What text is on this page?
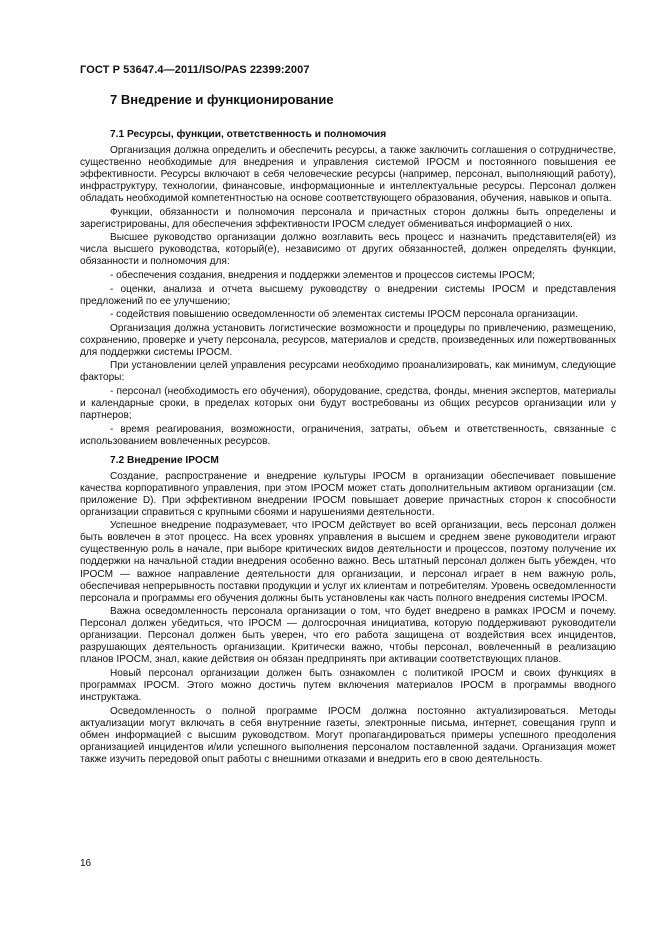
ГОСТ Р 53647.4—2011/ISO/PAS 22399:2007
7 Внедрение и функционирование
7.1 Ресурсы, функции, ответственность и полномочия

Организация должна определить и обеспечить ресурсы, а также заключить соглашения о сотрудничестве, существенно необходимые для внедрения и управления системой IPOCM и постоянного повышения ее эффективности. Ресурсы включают в себя человеческие ресурсы (например, персонал, выполняющий работу), инфраструктуру, технологии, финансовые, информационные и интеллектуальные ресурсы. Персонал должен обладать необходимой компетентностью на основе соответствующего образования, обучения, навыков и опыта.

Функции, обязанности и полномочия персонала и причастных сторон должны быть определены и зарегистрированы, для обеспечения эффективности IPOCM следует обмениваться информацией о них.

Высшее руководство организации должно возглавить весь процесс и назначить представителя(ей) из числа высшего руководства, который(е), независимо от других обязанностей, должен определять функции, обязанности и полномочия для:

- обеспечения создания, внедрения и поддержки элементов и процессов системы IPOCM;

- оценки, анализа и отчета высшему руководству о внедрении системы IPOCM и представления предложений по ее улучшению;

- содействия повышению осведомленности об элементах системы IPOCM персонала организации.

Организация должна установить логистические возможности и процедуры по привлечению, размещению, сохранению, проверке и учету персонала, ресурсов, материалов и средств, произведенных или пожертвованных для поддержки системы IPOCM.

При установлении целей управления ресурсами необходимо проанализировать, как минимум, следующие факторы:

- персонал (необходимость его обучения), оборудование, средства, фонды, мнения экспертов, материалы и календарные сроки, в пределах которых они будут востребованы из общих ресурсов организации или у партнеров;

- время реагирования, возможности, ограничения, затраты, объем и ответственность, связанные с использованием вовлеченных ресурсов.

7.2 Внедрение IPOCM

Создание, распространение и внедрение культуры IPOCM в организации обеспечивает повышение качества корпоративного управления, при этом IPOCM может стать дополнительным активом организации (см. приложение D). При эффективном внедрении IPOCM повышает доверие причастных сторон к способности организации справиться с крупными сбоями и нарушениями деятельности.

Успешное внедрение подразумевает, что IPOCM действует во всей организации, весь персонал должен быть вовлечен в этот процесс. На всех уровнях управления в высшем и среднем звене руководители играют существенную роль в начале, при выборе критических видов деятельности и процессов, поэтому получение их поддержки на начальной стадии внедрения особенно важно. Весь штатный персонал должен быть убежден, что IPOCM — важное направление деятельности для организации, и персонал играет в нем важную роль, обеспечивая непрерывность поставки продукции и услуг их клиентам и потребителям. Уровень осведомленности персонала и программы его обучения должны быть установлены как часть полного внедрения системы IPOCM.

Важна осведомленность персонала организации о том, что будет внедрено в рамках IPOCM и почему. Персонал должен убедиться, что IPOCM — долгосрочная инициатива, которую поддерживают руководители организации. Персонал должен быть уверен, что его работа защищена от воздействия всех инцидентов, разрушающих деятельность организации. Критически важно, чтобы персонал, вовлеченный в реализацию планов IPOCM, знал, какие действия он обязан предпринять при активации соответствующих планов.

Новый персонал организации должен быть ознакомлен с политикой IPOCM и своих функциях в программах IPOCM. Этого можно достичь путем включения материалов IPOCM в программы вводного инструктажа.

Осведомленность о полной программе IPOCM должна постоянно актуализироваться. Методы актуализации могут включать в себя внутренние газеты, электронные письма, интернет, совещания групп и обмен информацией с высшим руководством. Могут пропагандироваться примеры успешного преодоления организацией инцидентов и/или успешного выполнения персоналом поставленной задачи. Организация может также изучить передовой опыт работы с внешними отказами и внедрить его в свою деятельность.

16
